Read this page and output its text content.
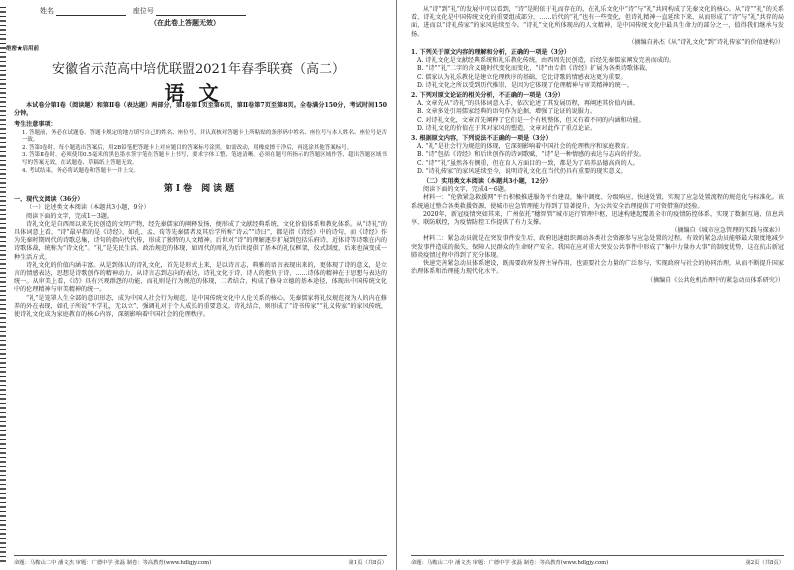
姓名	座位号
（在此卷上答题无效）
绝密★启用前
安徽省示范高中培优联盟2021年春季联赛（高二）
语文

本试卷分第Ⅰ卷（阅读题）和第Ⅱ卷（表达题）两部分，第Ⅰ卷第1页至第6页，第Ⅱ卷第7页至第8页。全卷满分150分，考试时间150分钟。

考生注意事项：

1. 答题前，务必在试题卷、答题卡规定的地方填写自己的姓名、座位号，并认真核对答题卡上所粘贴的条形码中姓名、座位号与本人姓名、座位号是否一致。

2. 答第Ⅰ卷时，每小题选出答案后，用2B铅笔把答题卡上对应题目的答案标号涂黑。如需改动，用橡皮擦干净后，再选涂其他答案标号。

3. 答第Ⅱ卷时，必须使用0.5毫米的黑色墨水签字笔在答题卡上书写，要求字体工整、笔迹清晰。必须在题号所指示的答题区域作答，超出答题区域书写的答案无效，在试题卷、草稿纸上答题无效。

4. 考试结束，务必将试题卷和答题卡一并上交。

第Ⅰ卷 阅读题

一、现代文阅读（36分）

（一）论述类文本阅读（本题共3小题，9分）

阅读下面的文字，完成1～3题。

诗礼文化是自西周以来先民创造的文明产物，经先秦儒家的阐释发扬，便形成了文献经典系统、文化价值体系和教化体系。从“诗礼”的具体词意上看，“诗”最早指的是《诗经》，如孔、孟、荀等先秦儒者及其后学所称“诗云”“诗曰”，都是指《诗经》中的诗句，而《诗经》作为先秦时期周代的诗歌总集，诗句的指向代代传，形成了独特的人文精神。后世对“诗”的理解逐步扩展到包括乐府诗、近体诗等诗歌在内的诗歌体裁，统称为“诗文化”。“礼”是先民生活、政治规范的体现，如周代的周礼为后世提供了基本的礼仪框架，仪式制度，后来也演变成一种生活方式。

诗礼文化的价值内涵丰富。从是到体认的诗礼文化，首先是形式上来，是以诗言志，典雅的语言表现出来的，更体现了诗的意义，是立言的情感表达，思想是诗歌创作的精神动力，从诗言志到志向的表达，诗礼文化于诗，诗人的抱负于诗，……诗体的精神在于思想与表达的统一。从审美上看，《诗》具有兴观群怨的功能，而礼则是行为规范的体现，二者结合，构成了修身立德的基本途径，体现出中国传统文化中的伦理精神与审美精神的统一。

“礼”是笼罩人生全部的意识形态，成为中国人社会行为规范，是中国传统文化中人伦关系的核心。先秦儒家将礼仪规范视为人的内在修养的外在表现，如孔子所说“不学礼，无以立”，强调礼对于个人成长的重要意义。诗礼结合，则形成了“诗书传家”“礼义传家”的家风传统，使诗礼文化成为家庭教育的核心内容，深刻影响着中国社会的伦理秩序。

命题：马鞍山二中 潘文杰 审题：广德中学 张磊 制卷：等高教育(www.hdlgjy.com)	第1页（共8页）

从“诗”到“礼”的发展中可以看到，“诗”是附依于礼而存在的，在礼乐文化中“诗”与“礼”共同构成了先秦文化的核心。从“诗”“礼”的关系看，诗礼文化是中国传统文化的重要组成部分，……后代的“礼”也有一些变化，但诗礼精神一直延续下来，从而形成了“诗”与“礼”共存的局面，进而以“诗礼传家”的家风延续至今。“诗礼”文化所体现出的人文精神，是中国传统文化中最具生命力的部分之一，值得我们继承与发扬。

（摘编自孙杰《从“诗礼文化”到“诗礼传家”的价值建构》）

1. 下列关于原文内容的理解和分析，正确的一项是（3分）

A. 诗礼文化是文献经典系统和礼乐教化传统，由西周先民创造，后经先秦儒家阐发完善而成的。

B. “诗”“礼”二字的含义随时代变化而变化，“诗”由专指《诗经》扩展为各类诗歌体裁。

C. 儒家认为礼乐教化是建立伦理秩序的基础，它比诗歌的情感表达更为重要。

D. 诗礼文化之所以受到历代推崇，是因为它体现了伦理精神与审美精神的统一。

2. 下列对原文论证的相关分析，不正确的一项是（3分）

A. 文章先从“诗礼”的具体词意入手，依次论述了其发展历程，再阐述其价值内涵。

B. 文章多处引用儒家经典的语句作为论据，增强了论证的说服力。

C. 对诗礼文化，文章首先阐释了它们是一个有机整体，但又有着不同的内涵和功能。

D. 诗礼文化的价值在于其对家风的塑造，文章对此作了重点论证。

3. 根据原文内容，下列说法不正确的一项是（3分）

A. “礼”是社会行为规范的体现，它深刻影响着中国社会的伦理秩序和家庭教育。

B. “诗”包括《诗经》和后世创作的诗词歌赋，“诗”是一种情感的表达与志向的抒发。

C. “诗”“礼”虽然各有侧重，但在育人方面目的一致，都是为了培养品德高尚的人。

D. “诗礼传家”的家风延续至今，说明诗礼文化在当代仍具有重要的现实意义。

（二）实用类文本阅读（本题共3小题，12分）

阅读下面的文字，完成4～6题。

材料一：“伦敦紧急救援网”平台积极推进服务平台建设，集中调度、分级响应、快速处置，实现了应急处置流程的规范化与标准化。该系统通过整合各类救援资源，使城市应急管理能力得到了显著提升，为公共安全治理提供了可资借鉴的经验。

2020年，新冠疫情突如其来，广州依托“穗智管”城市运行管理中枢，迅速构建起覆盖全市的疫情防控体系，实现了数据互通、信息共享、联防联控，为疫情防控工作提供了有力支撑。

（摘编自《城市应急管理的实践与探索》）

材料二：紧急动员就是在突发事件发生后，政府迅速组织调动各类社会资源参与应急处置的过程。有效的紧急动员能够最大限度地减少突发事件造成的损失，保障人民群众的生命财产安全。我国在应对重大突发公共事件中形成了“集中力量办大事”的制度优势，这在抗击新冠肺炎疫情过程中得到了充分体现。

快速完善紧急动员体系建设，既需要政府发挥主导作用，也需要社会力量的广泛参与，实现政府与社会的协同治理，从而不断提升国家治理体系和治理能力现代化水平。

（摘编自《公共危机治理中的紧急动员体系研究》）

命题：马鞍山二中 潘文杰 审题：广德中学 张磊 制卷：等高教育(www.hdlgjy.com)	第2页（共8页）
